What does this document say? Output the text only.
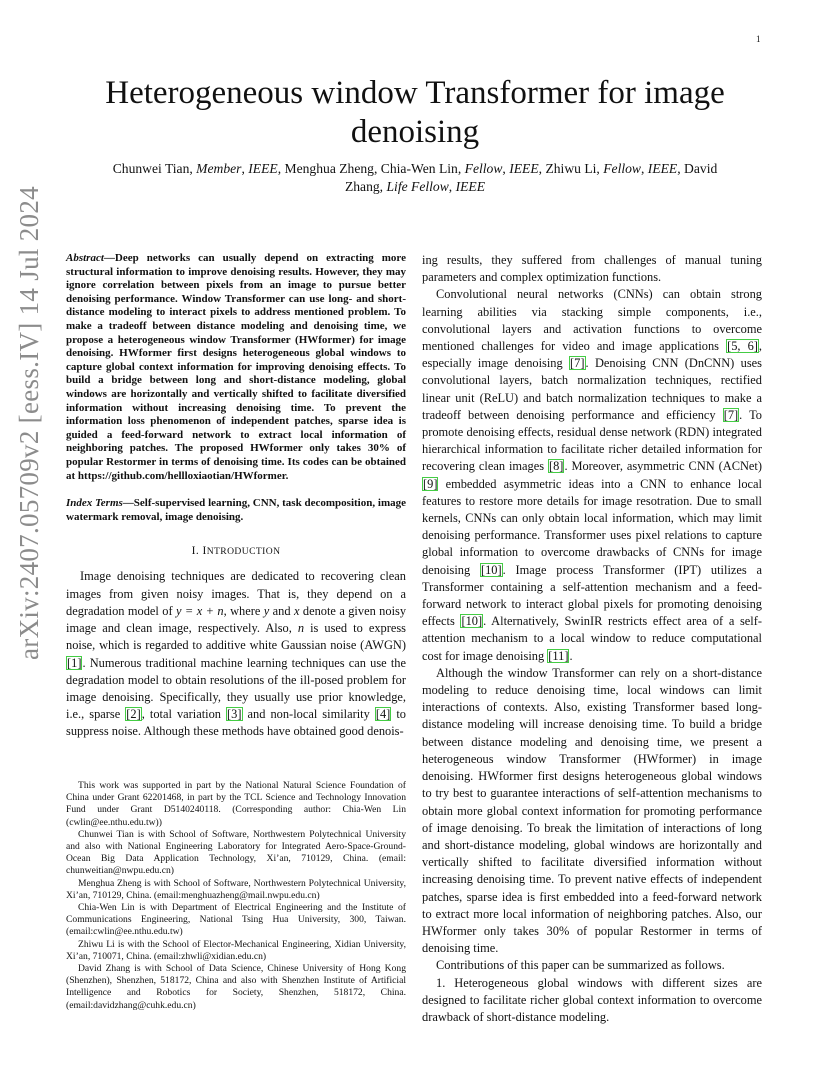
1
arXiv:2407.05709v2 [eess.IV] 14 Jul 2024
Heterogeneous window Transformer for image denoising
Chunwei Tian, Member, IEEE, Menghua Zheng, Chia-Wen Lin, Fellow, IEEE, Zhiwu Li, Fellow, IEEE, David
Zhang, Life Fellow, IEEE

Abstract—Deep networks can usually depend on extracting more structural information to improve denoising results. However, they may ignore correlation between pixels from an image to pursue better denoising performance. Window Transformer can use long- and short-distance modeling to interact pixels to address mentioned problem. To make a tradeoff between distance modeling and denoising time, we propose a heterogeneous window Transformer (HWformer) for image denoising. HWformer first designs heterogeneous global windows to capture global context information for improving denoising effects. To build a bridge between long and short-distance modeling, global windows are horizontally and vertically shifted to facilitate diversified information without increasing denoising time. To prevent the information loss phenomenon of independent patches, sparse idea is guided a feed-forward network to extract local information of neighboring patches. The proposed HWformer only takes 30% of popular Restormer in terms of denoising time. Its codes can be obtained at https://github.com/hellloxiaotian/HWformer.

Index Terms—Self-supervised learning, CNN, task decomposition, image watermark removal, image denoising.

I. INTRODUCTION

Image denoising techniques are dedicated to recovering clean images from given noisy images. That is, they depend on a degradation model of y = x + n, where y and x denote a given noisy image and clean image, respectively. Also, n is used to express noise, which is regarded to additive white Gaussian noise (AWGN) [1]. Numerous traditional machine learning techniques can use the degradation model to obtain resolutions of the ill-posed problem for image denoising. Specifically, they usually use prior knowledge, i.e., sparse [2], total variation [3] and non-local similarity [4] to suppress noise. Although these methods have obtained good denois-

This work was supported in part by the National Natural Science Foundation of China under Grant 62201468, in part by the TCL Science and Technology Innovation Fund under Grant D5140240118. (Corresponding author: Chia-Wen Lin (cwlin@ee.nthu.edu.tw))

Chunwei Tian is with School of Software, Northwestern Polytechnical University and also with National Engineering Laboratory for Integrated Aero-Space-Ground-Ocean Big Data Application Technology, Xi’an, 710129, China. (email: chunweitian@nwpu.edu.cn)

Menghua Zheng is with School of Software, Northwestern Polytechnical University, Xi’an, 710129, China. (email:menghuazheng@mail.nwpu.edu.cn)

Chia-Wen Lin is with Department of Electrical Engineering and the Institute of Communications Engineering, National Tsing Hua University, 300, Taiwan. (email:cwlin@ee.nthu.edu.tw)

Zhiwu Li is with the School of Elector-Mechanical Engineering, Xidian University, Xi’an, 710071, China. (email:zhwli@xidian.edu.cn)

David Zhang is with School of Data Science, Chinese University of Hong Kong (Shenzhen), Shenzhen, 518172, China and also with Shenzhen Institute of Artificial Intelligence and Robotics for Society, Shenzhen, 518172, China. (email:davidzhang@cuhk.edu.cn)

ing results, they suffered from challenges of manual tuning parameters and complex optimization functions.

Convolutional neural networks (CNNs) can obtain strong learning abilities via stacking simple components, i.e., convolutional layers and activation functions to overcome mentioned challenges for video and image applications [5, 6], especially image denoising [7]. Denoising CNN (DnCNN) uses convolutional layers, batch normalization techniques, rectified linear unit (ReLU) and batch normalization techniques to make a tradeoff between denoising performance and efficiency [7]. To promote denoising effects, residual dense network (RDN) integrated hierarchical information to facilitate richer detailed information for recovering clean images [8]. Moreover, asymmetric CNN (ACNet) [9] embedded asymmetric ideas into a CNN to enhance local features to restore more details for image resotration. Due to small kernels, CNNs can only obtain local information, which may limit denoising performance. Transformer uses pixel relations to capture global information to overcome drawbacks of CNNs for image denoising [10]. Image process Transformer (IPT) utilizes a Transformer containing a self-attention mechanism and a feed-forward network to interact global pixels for promoting denoising effects [10]. Alternatively, SwinIR restricts effect area of a self-attention mechanism to a local window to reduce computational cost for image denoising [11].

Although the window Transformer can rely on a short-distance modeling to reduce denoising time, local windows can limit interactions of contexts. Also, existing Transformer based long-distance modeling will increase denoising time. To build a bridge between distance modeling and denoising time, we present a heterogeneous window Transformer (HWformer) in image denoising. HWformer first designs heterogeneous global windows to try best to guarantee interactions of self-attention mechanisms to obtain more global context information for promoting performance of image denoising. To break the limitation of interactions of long and short-distance modeling, global windows are horizontally and vertically shifted to facilitate diversified information without increasing denoising time. To prevent native effects of independent patches, sparse idea is first embedded into a feed-forward network to extract more local information of neighboring patches. Also, our HWformer only takes 30% of popular Restormer in terms of denoising time.

Contributions of this paper can be summarized as follows.

1. Heterogeneous global windows with different sizes are designed to facilitate richer global context information to overcome drawback of short-distance modeling.
